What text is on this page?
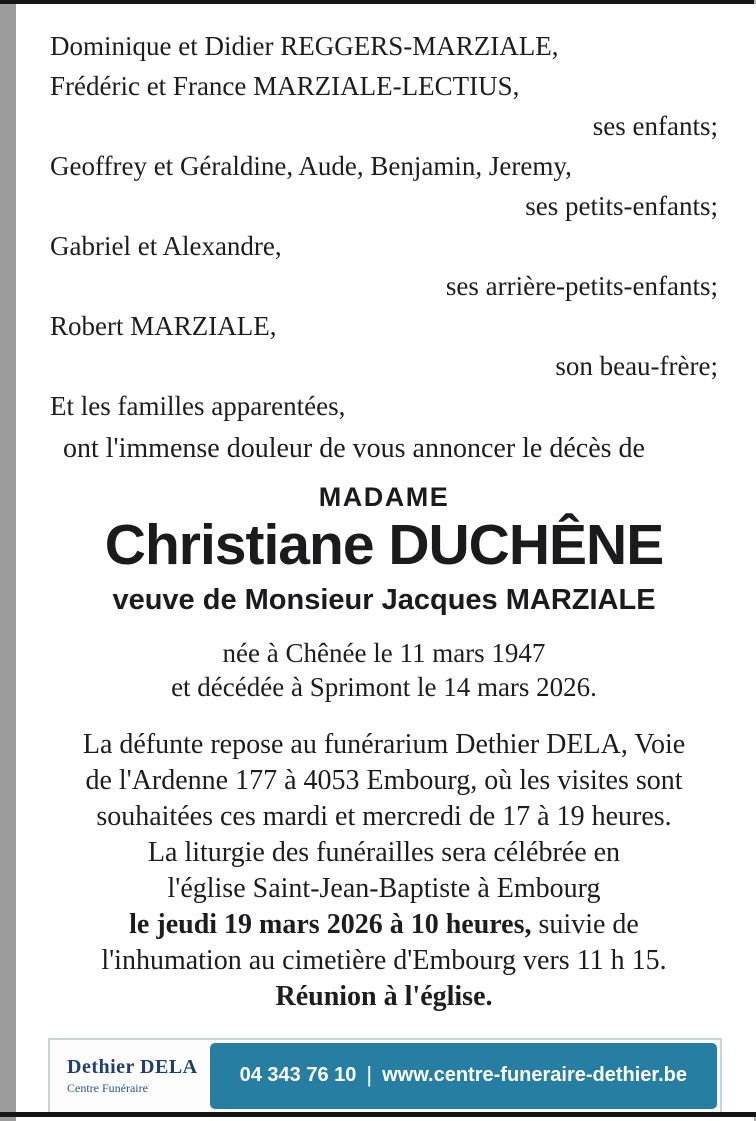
Dominique et Didier REGGERS-MARZIALE,
Frédéric et France MARZIALE-LECTIUS,
ses enfants;
Geoffrey et Géraldine, Aude, Benjamin, Jeremy,
ses petits-enfants;
Gabriel et Alexandre,
ses arrière-petits-enfants;
Robert MARZIALE,
son beau-frère;
Et les familles apparentées,
ont l'immense douleur de vous annoncer le décès de
MADAME
Christiane DUCHÊNE
veuve de Monsieur Jacques MARZIALE
née à Chênée le 11 mars 1947
et décédée à Sprimont le 14 mars 2026.
La défunte repose au funérarium Dethier DELA, Voie
de l'Ardenne 177 à 4053 Embourg, où les visites sont
souhaitées ces mardi et mercredi de 17 à 19 heures.
La liturgie des funérailles sera célébrée en
l'église Saint-Jean-Baptiste à Embourg
le jeudi 19 mars 2026 à 10 heures, suivie de
l'inhumation au cimetière d'Embourg vers 11 h 15.
Réunion à l'église.
Dethier DELA
Centre Funéraire
04 343 76 10 | www.centre-funeraire-dethier.be
